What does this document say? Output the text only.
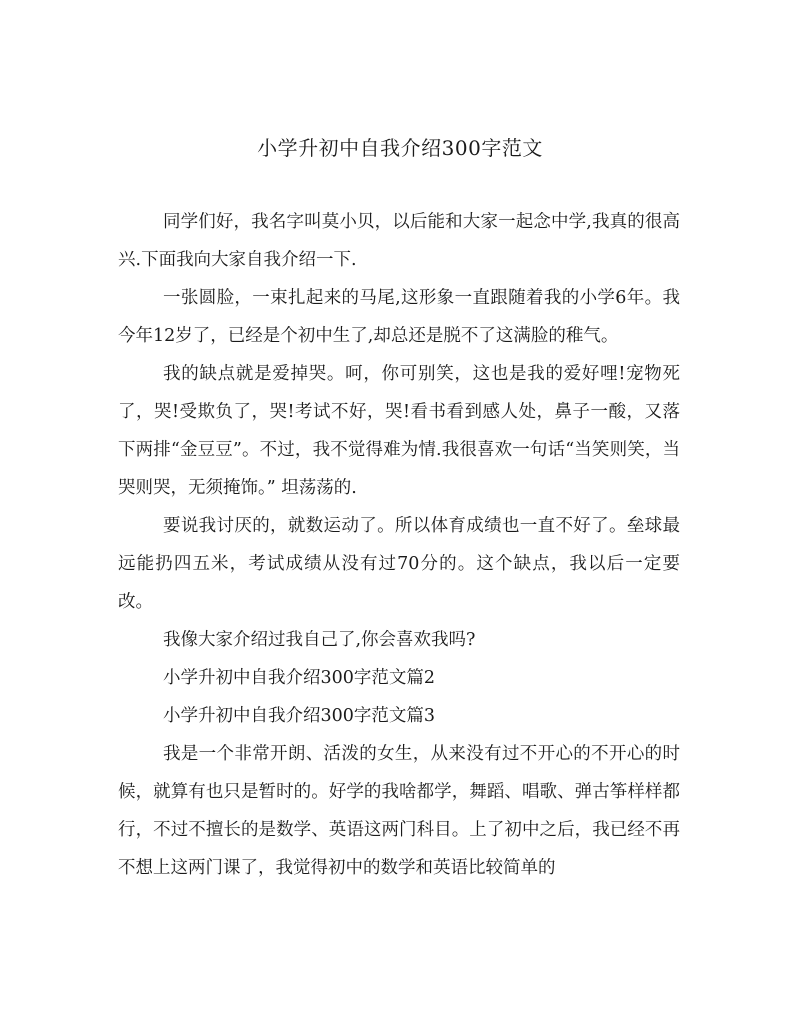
小学升初中自我介绍300字范文

同学们好，我名字叫莫小贝，以后能和大家一起念中学,我真的很高兴.下面我向大家自我介绍一下.

一张圆脸，一束扎起来的马尾,这形象一直跟随着我的小学6年。我今年12岁了，已经是个初中生了,却总还是脱不了这满脸的稚气。

我的缺点就是爱掉哭。呵，你可别笑，这也是我的爱好哩!宠物死了，哭!受欺负了，哭!考试不好，哭!看书看到感人处，鼻子一酸，又落下两排“金豆豆”。不过，我不觉得难为情.我很喜欢一句话“当笑则笑，当哭则哭，无须掩饰。” 坦荡荡的.

要说我讨厌的，就数运动了。所以体育成绩也一直不好了。垒球最远能扔四五米，考试成绩从没有过70分的。这个缺点，我以后一定要改。

我像大家介绍过我自己了,你会喜欢我吗?

小学升初中自我介绍300字范文篇2

小学升初中自我介绍300字范文篇3

我是一个非常开朗、活泼的女生，从来没有过不开心的不开心的时候，就算有也只是暂时的。好学的我啥都学，舞蹈、唱歌、弹古筝样样都行，不过不擅长的是数学、英语这两门科目。上了初中之后，我已经不再不想上这两门课了，我觉得初中的数学和英语比较简单的
